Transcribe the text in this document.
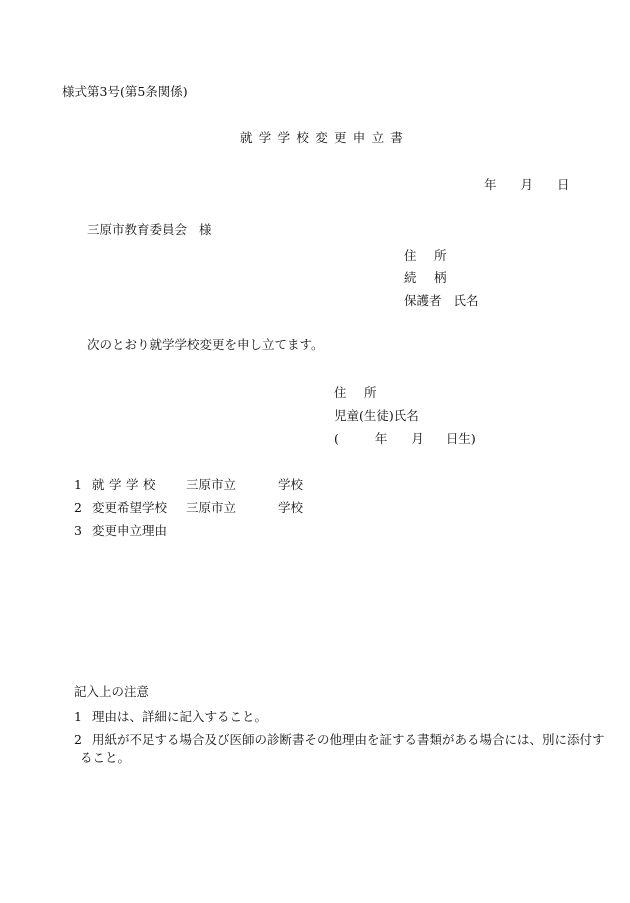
様式第3号(第5条関係)
就学学校変更申立書
年 月 日
三原市教育委員会 様
住 所
続 柄
保護者 氏名
次のとおり就学学校変更を申し立てます。
住 所
児童(生徒)氏名
(	年 月 日生)
1 就学学校 三原市立	学校
2 変更希望学校 三原市立	学校
3 変更申立理由
記入上の注意
1 理由は、詳細に記入すること。
2 用紙が不足する場合及び医師の診断書その他理由を証する書類がある場合には、別に添付す
ること。
